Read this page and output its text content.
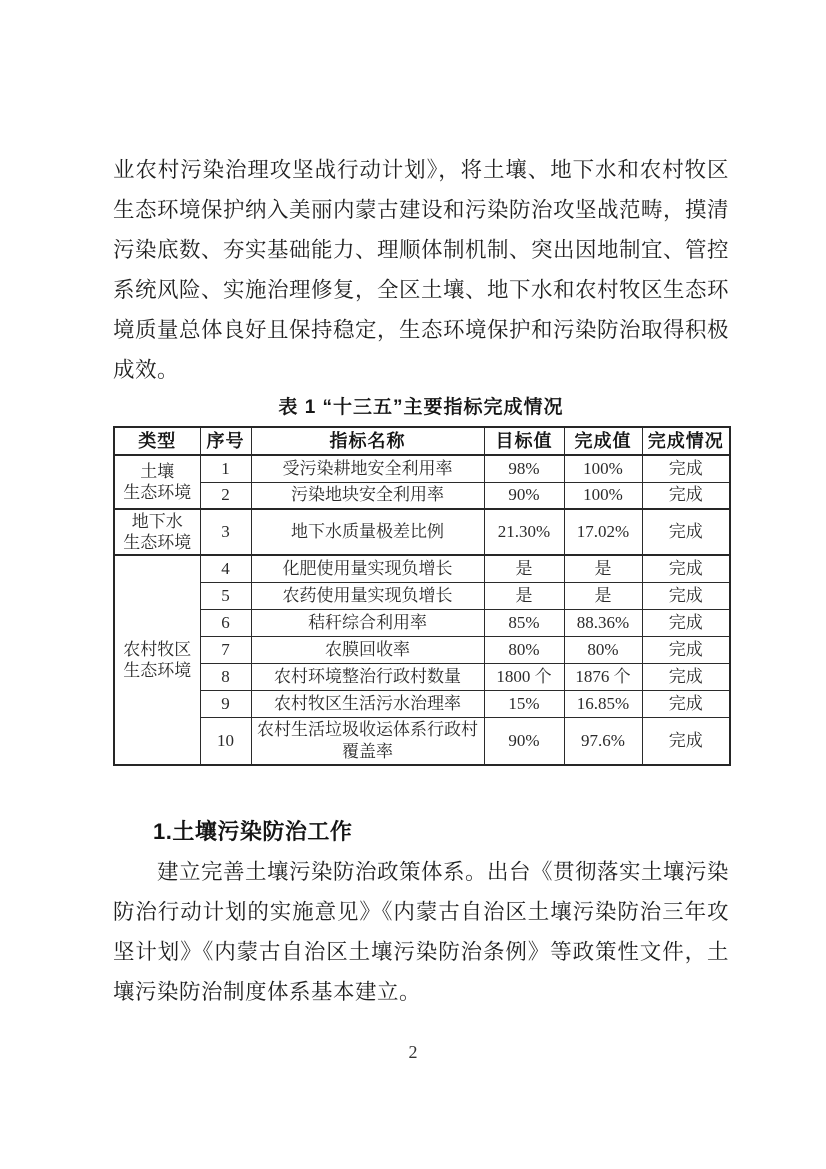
业农村污染治理攻坚战行动计划》，将土壤、地下水和农村牧区
生态环境保护纳入美丽内蒙古建设和污染防治攻坚战范畴，摸清
污染底数、夯实基础能力、理顺体制机制、突出因地制宜、管控
系统风险、实施治理修复，全区土壤、地下水和农村牧区生态环
境质量总体良好且保持稳定，生态环境保护和污染防治取得积极
成效。
表 1 “十三五”主要指标完成情况
类型	序号	指标名称	目标值	完成值	完成情况

土壤
生态环境	1	受污染耕地安全利用率	98%	100%	完成
	2	污染地块安全利用率	90%	100%	完成

地下水
生态环境	3	地下水质量极差比例	21.30%	17.02%	完成

农村牧区
生态环境	4	化肥使用量实现负增长	是	是	完成
	5	农药使用量实现负增长	是	是	完成
	6	秸秆综合利用率	85%	88.36%	完成
	7	农膜回收率	80%	80%	完成
	8	农村环境整治行政村数量	1800 个	1876 个	完成
	9	农村牧区生活污水治理率	15%	16.85%	完成
	10	农村生活垃圾收运体系行政村覆盖率	90%	97.6%	完成
1.土壤污染防治工作
建立完善土壤污染防治政策体系。出台《贯彻落实土壤污染
防治行动计划的实施意见》《内蒙古自治区土壤污染防治三年攻
坚计划》《内蒙古自治区土壤污染防治条例》等政策性文件，土
壤污染防治制度体系基本建立。
2
